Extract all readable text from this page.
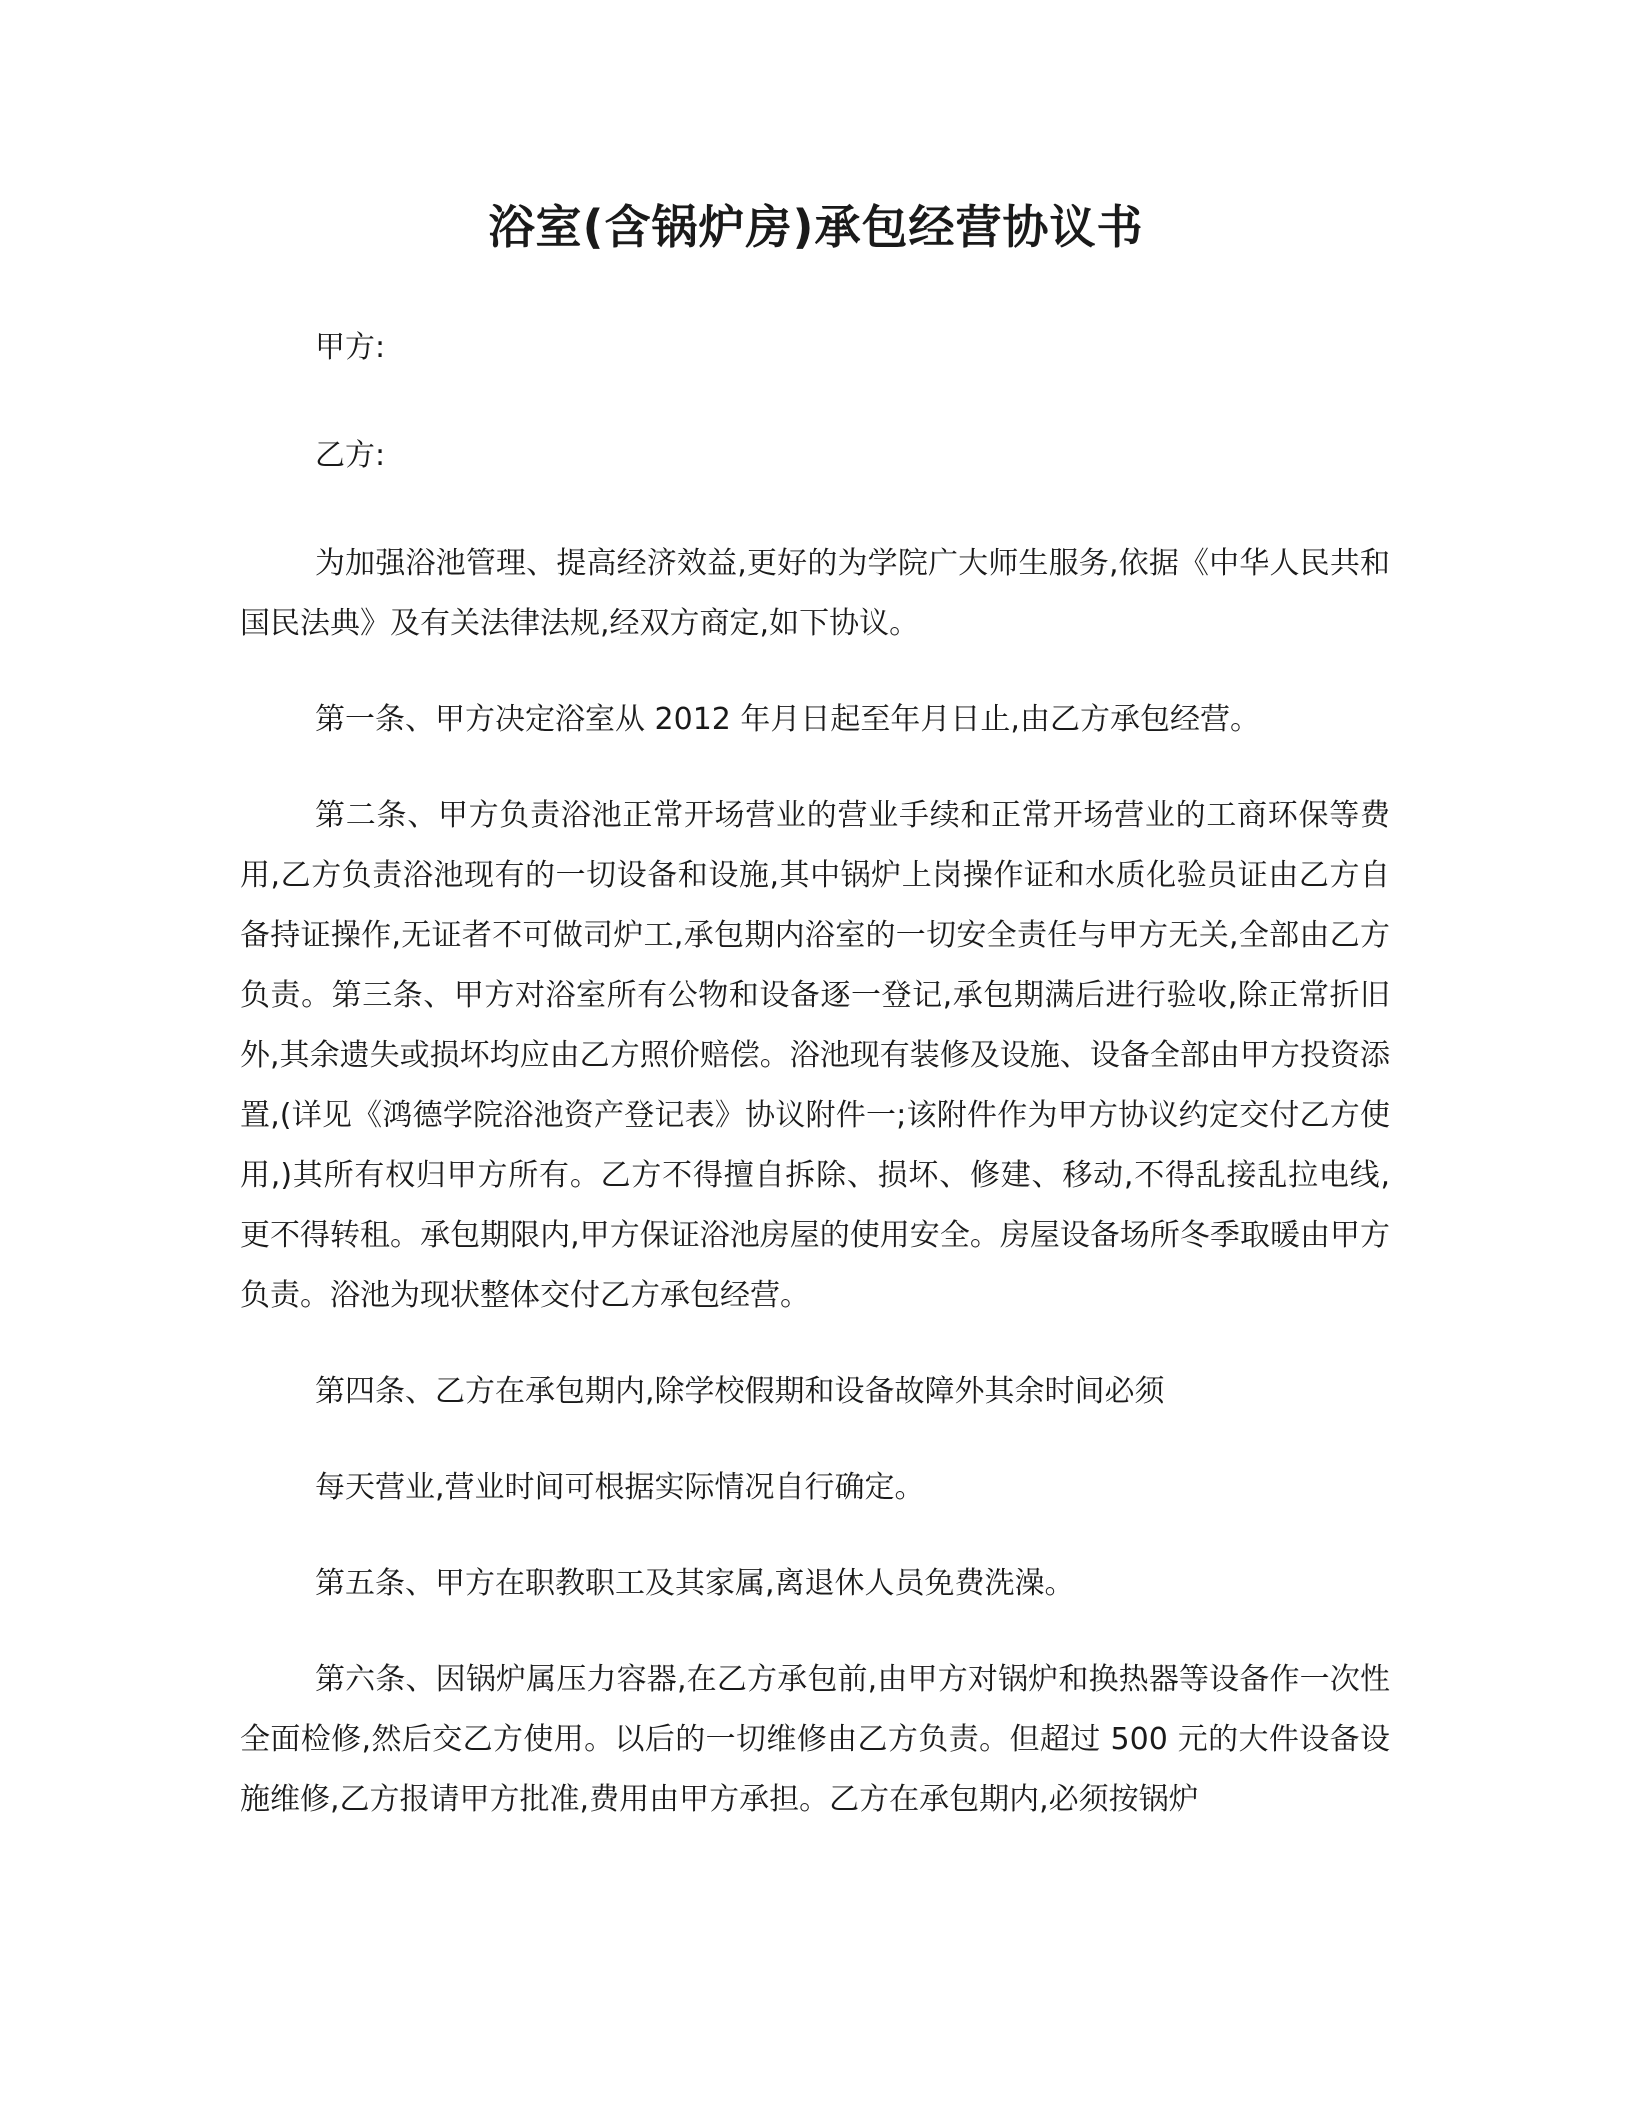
浴室(含锅炉房)承包经营协议书

甲方:

乙方:

为加强浴池管理、提高经济效益,更好的为学院广大师生服务,依据《中华人民共和国民法典》及有关法律法规,经双方商定,如下协议。

第一条、甲方决定浴室从 2012 年月日起至年月日止,由乙方承包经营。

第二条、甲方负责浴池正常开场营业的营业手续和正常开场营业的工商环保等费用,乙方负责浴池现有的一切设备和设施,其中锅炉上岗操作证和水质化验员证由乙方自备持证操作,无证者不可做司炉工,承包期内浴室的一切安全责任与甲方无关,全部由乙方负责。第三条、甲方对浴室所有公物和设备逐一登记,承包期满后进行验收,除正常折旧外,其余遗失或损坏均应由乙方照价赔偿。浴池现有装修及设施、设备全部由甲方投资添置,(详见《鸿德学院浴池资产登记表》协议附件一;该附件作为甲方协议约定交付乙方使用,)其所有权归甲方所有。乙方不得擅自拆除、损坏、修建、移动,不得乱接乱拉电线,更不得转租。承包期限内,甲方保证浴池房屋的使用安全。房屋设备场所冬季取暖由甲方负责。浴池为现状整体交付乙方承包经营。

第四条、乙方在承包期内,除学校假期和设备故障外其余时间必须

每天营业,营业时间可根据实际情况自行确定。

第五条、甲方在职教职工及其家属,离退休人员免费洗澡。

第六条、因锅炉属压力容器,在乙方承包前,由甲方对锅炉和换热器等设备作一次性全面检修,然后交乙方使用。以后的一切维修由乙方负责。但超过 500 元的大件设备设施维修,乙方报请甲方批准,费用由甲方承担。乙方在承包期内,必须按锅炉
